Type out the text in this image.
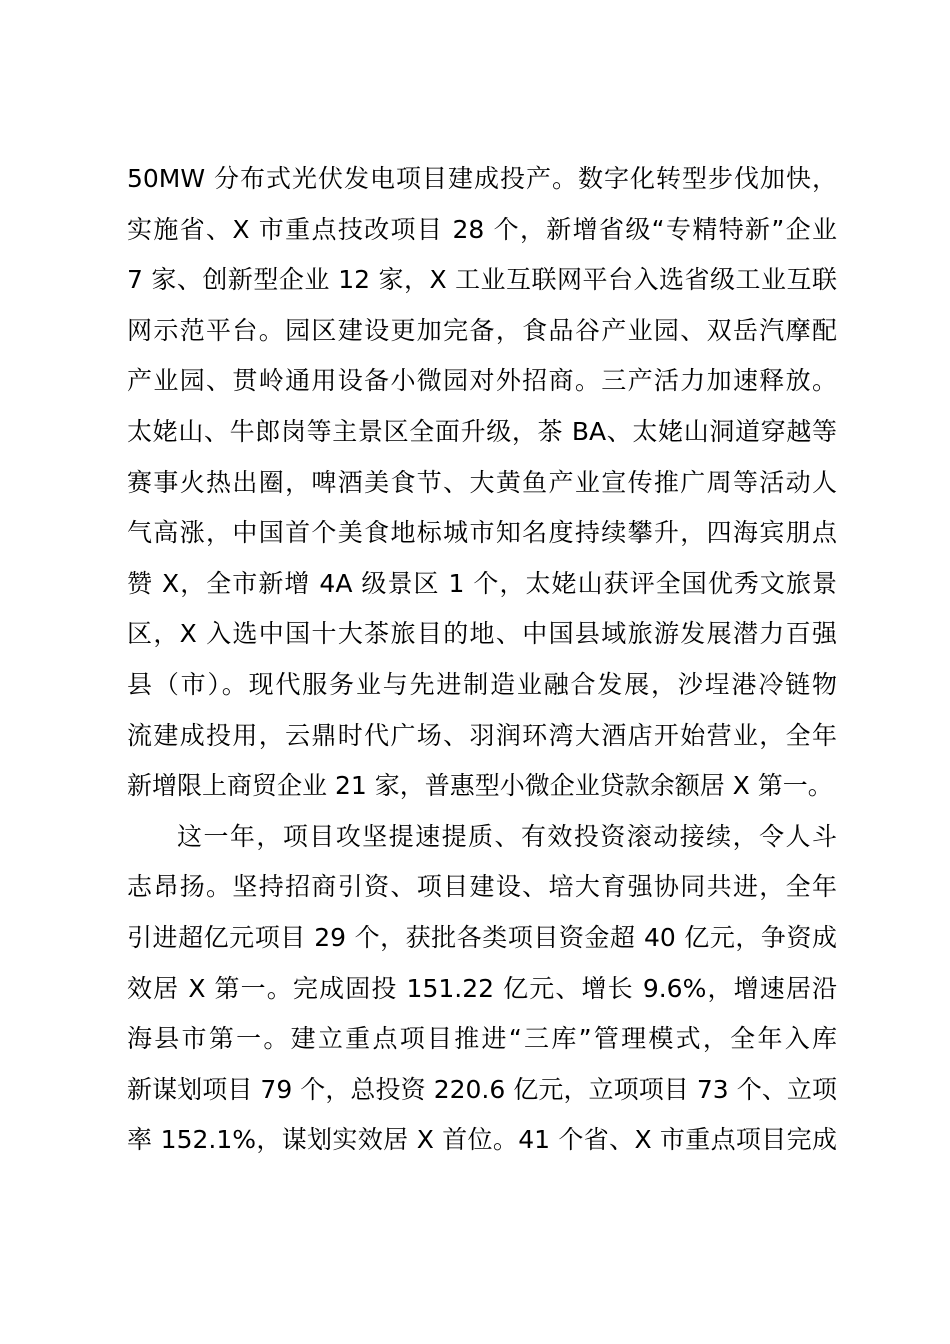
50MW 分布式光伏发电项目建成投产。数字化转型步伐加快，
实施省、X 市重点技改项目 28 个，新增省级“专精特新”企业
7 家、创新型企业 12 家，X 工业互联网平台入选省级工业互联
网示范平台。园区建设更加完备，食品谷产业园、双岳汽摩配
产业园、贯岭通用设备小微园对外招商。三产活力加速释放。
太姥山、牛郎岗等主景区全面升级，茶 BA、太姥山洞道穿越等
赛事火热出圈，啤酒美食节、大黄鱼产业宣传推广周等活动人
气高涨，中国首个美食地标城市知名度持续攀升，四海宾朋点
赞 X，全市新增 4A 级景区 1 个，太姥山获评全国优秀文旅景
区，X 入选中国十大茶旅目的地、中国县域旅游发展潜力百强
县（市）。现代服务业与先进制造业融合发展，沙埕港冷链物
流建成投用，云鼎时代广场、羽润环湾大酒店开始营业，全年
新增限上商贸企业 21 家，普惠型小微企业贷款余额居 X 第一。
这一年，项目攻坚提速提质、有效投资滚动接续，令人斗
志昂扬。坚持招商引资、项目建设、培大育强协同共进，全年
引进超亿元项目 29 个，获批各类项目资金超 40 亿元，争资成
效居 X 第一。完成固投 151.22 亿元、增长 9.6%，增速居沿
海县市第一。建立重点项目推进“三库”管理模式，全年入库
新谋划项目 79 个，总投资 220.6 亿元，立项项目 73 个、立项
率 152.1%，谋划实效居 X 首位。41 个省、X 市重点项目完成
